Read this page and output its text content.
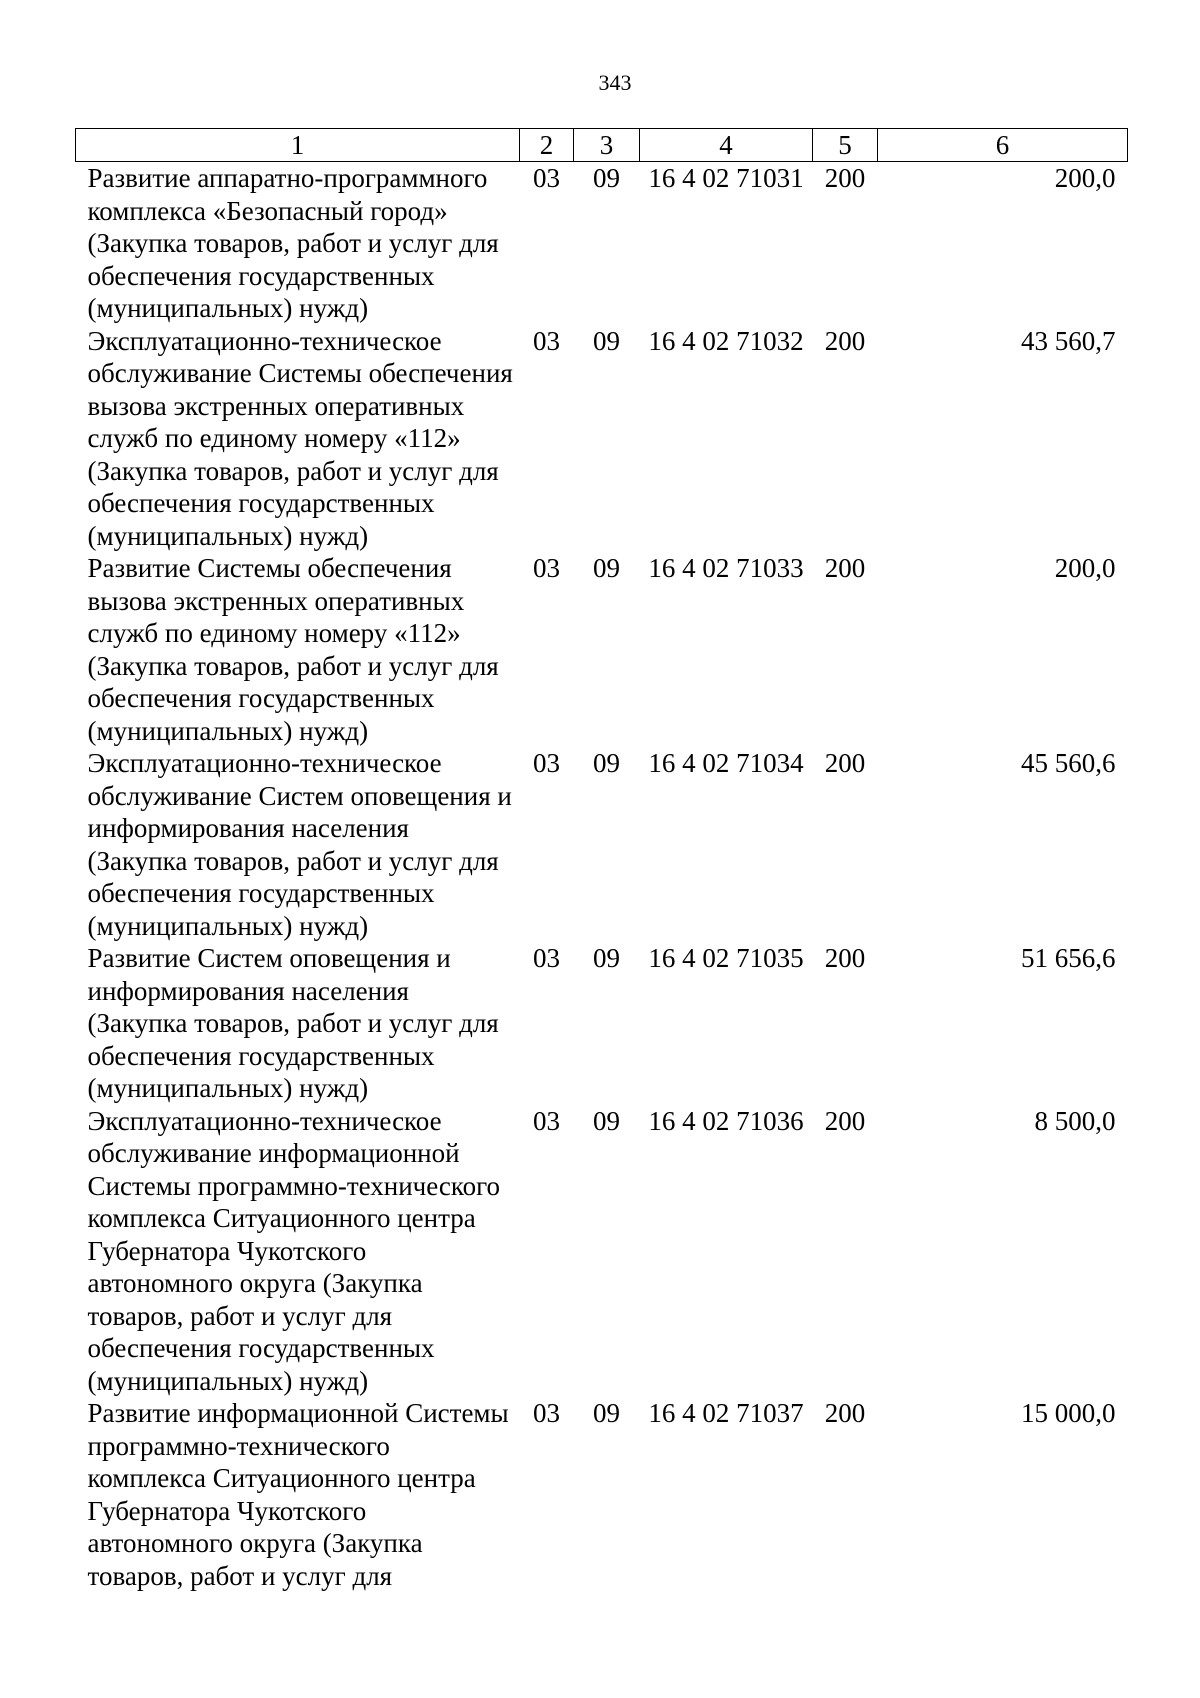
343
1	2	3	4	5	6
Развитие аппаратно-программного комплекса «Безопасный город» (Закупка товаров, работ и услуг для обеспечения государственных (муниципальных) нужд)	03	09	16 4 02 71031	200	200,0
Эксплуатационно-техническое обслуживание Системы обеспечения вызова экстренных оперативных служб по единому номеру «112» (Закупка товаров, работ и услуг для обеспечения государственных (муниципальных) нужд)	03	09	16 4 02 71032	200	43 560,7
Развитие Системы обеспечения вызова экстренных оперативных служб по единому номеру «112» (Закупка товаров, работ и услуг для обеспечения государственных (муниципальных) нужд)	03	09	16 4 02 71033	200	200,0
Эксплуатационно-техническое обслуживание Систем оповещения и информирования населения (Закупка товаров, работ и услуг для обеспечения государственных (муниципальных) нужд)	03	09	16 4 02 71034	200	45 560,6
Развитие Систем оповещения и информирования населения (Закупка товаров, работ и услуг для обеспечения государственных (муниципальных) нужд)	03	09	16 4 02 71035	200	51 656,6
Эксплуатационно-техническое обслуживание информационной Системы программно-технического комплекса Ситуационного центра Губернатора Чукотского автономного округа (Закупка товаров, работ и услуг для обеспечения государственных (муниципальных) нужд)	03	09	16 4 02 71036	200	8 500,0
Развитие информационной Системы программно-технического комплекса Ситуационного центра Губернатора Чукотского автономного округа (Закупка товаров, работ и услуг для	03	09	16 4 02 71037	200	15 000,0
